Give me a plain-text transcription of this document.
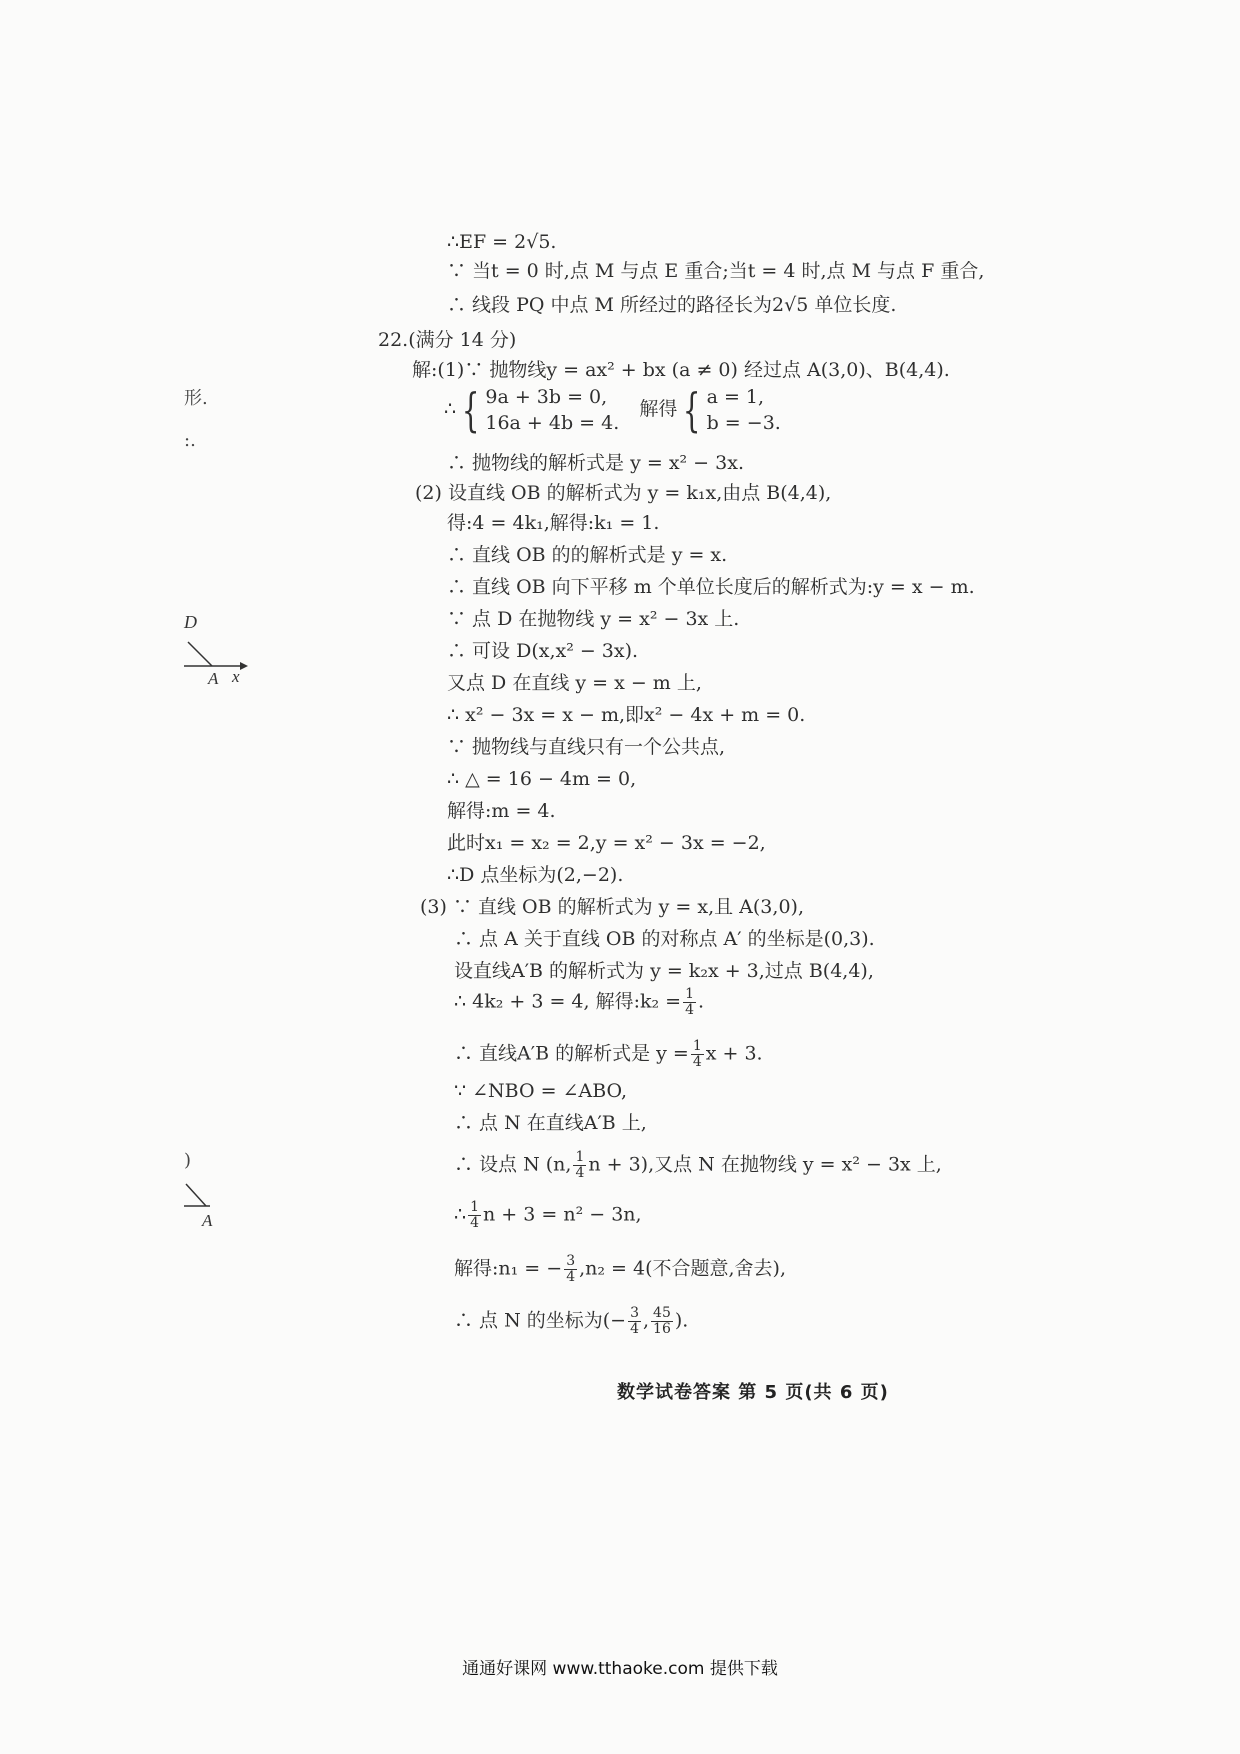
形.
:.
D
A x
)
A
∴EF = 2√5.
∵ 当t = 0 时,点 M 与点 E 重合;当t = 4 时,点 M 与点 F 重合,
∴ 线段 PQ 中点 M 所经过的路径长为2√5 单位长度.
22.(满分 14 分)
解:(1)∵ 抛物线y = ax² + bx (a ≠ 0) 经过点 A(3,0)、B(4,4).
∴ { 9a + 3b = 0,
16a + 4b = 4.
解得 { a = 1,
b = −3.
∴ 抛物线的解析式是 y = x² − 3x.
(2) 设直线 OB 的解析式为 y = k₁x,由点 B(4,4),
得:4 = 4k₁,解得:k₁ = 1.
∴ 直线 OB 的的解析式是 y = x.
∴ 直线 OB 向下平移 m 个单位长度后的解析式为:y = x − m.
∵ 点 D 在抛物线 y = x² − 3x 上.
∴ 可设 D(x,x² − 3x).
又点 D 在直线 y = x − m 上,
∴ x² − 3x = x − m,即x² − 4x + m = 0.
∵ 抛物线与直线只有一个公共点,
∴ △ = 16 − 4m = 0,
解得:m = 4.
此时x₁ = x₂ = 2,y = x² − 3x = −2,
∴D 点坐标为(2,−2).
(3) ∵ 直线 OB 的解析式为 y = x,且 A(3,0),
∴ 点 A 关于直线 OB 的对称点 A′ 的坐标是(0,3).
设直线A′B 的解析式为 y = k₂x + 3,过点 B(4,4),
∴ 4k₂ + 3 = 4, 解得:k₂ = $\frac{1}{4}$ .
∴ 直线A′B 的解析式是 $y = \frac{1}{4}$ x + 3.
∵ ∠NBO = ∠ABO,
∴ 点 N 在直线A′B 上,
∴ 设点 N (n, $\frac{1}{4}$ n + 3),又点 N 在抛物线 y = x² − 3x 上,
∴ $\frac{1}{4}$ n + 3 = n² − 3n,
解得:n₁ = − $\frac{3}{4} ,n_2 = 4$(不合题意,舍去),
∴ 点 N 的坐标为(− $\frac{3}{4}$ , $\frac{45}{16}$ ).
数学试卷答案 第 5 页(共 6 页)
通通好课网 www.tthaoke.com 提供下载
